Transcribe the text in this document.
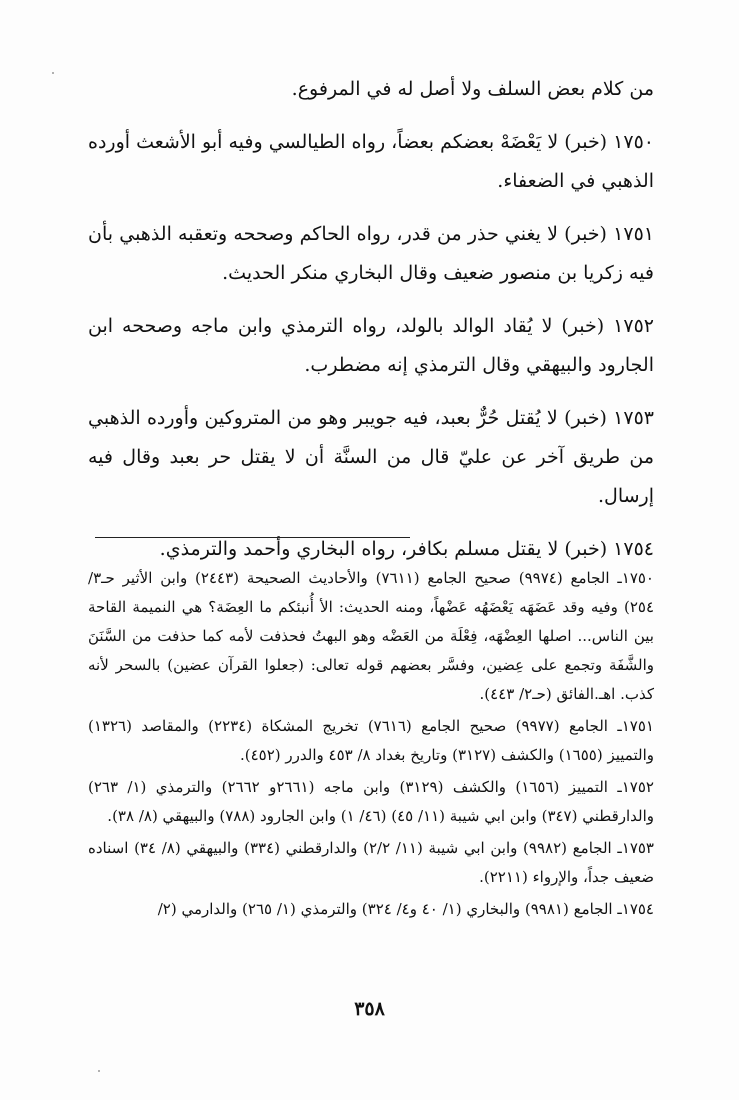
من كلام بعض السلف ولا أصل له في المرفوع.

١٧٥٠ (خبر) لا يَعْضَهْ بعضكم بعضاً، رواه الطيالسي وفيه أبو الأشعث أورده الذهبي في الضعفاء.

١٧٥١ (خبر) لا يغني حذر من قدر، رواه الحاكم وصححه وتعقبه الذهبي بأن فيه زكريا بن منصور ضعيف وقال البخاري منكر الحديث.

١٧٥٢ (خبر) لا يُقاد الوالد بالولد، رواه الترمذي وابن ماجه وصححه ابن الجارود والبيهقي وقال الترمذي إنه مضطرب.

١٧٥٣ (خبر) لا يُقتل حُرٌّ بعبد، فيه جويبر وهو من المتروكين وأورده الذهبي من طريق آخر عن عليّ قال من السنَّة أن لا يقتل حر بعبد وقال فيه إرسال.

١٧٥٤ (خبر) لا يقتل مسلم بكافر، رواه البخاري وأحمد والترمذي.

١٧٥٠ـ الجامع (٩٩٧٤) صحيح الجامع (٧٦١١) والأحاديث الصحيحة (٢٤٤٣) وابن الأثير حـ٣/ ٢٥٤) وفيه وقد عَضَهَه يَعْضَهُه عَضْهاً، ومنه الحديث: الأ أُنبئكم ما العِضَة؟ هي النميمة القاحة بين الناس... اصلها العِضْهَه، فِعْلَة من العَضْه وهو البهتُ فحذفت لأمه كما حذفت من السَّنَنَ والشَّفَة وتجمع على عِضين، وفسَّر بعضهم قوله تعالى: (جعلوا القرآن عضين) بالسحر لأنه كذب. اهـ.الفائق (حـ٢/ ٤٤٣).

١٧٥١ـ الجامع (٩٩٧٧) صحيح الجامع (٧٦١٦) تخريج المشكاة (٢٢٣٤) والمقاصد (١٣٢٦) والتمييز (١٦٥٥) والكشف (٣١٢٧) وتاريخ بغداد ٨/ ٤٥٣ والدرر (٤٥٢).

١٧٥٢ـ التمييز (١٦٥٦) والكشف (٣١٢٩) وابن ماجه (٢٦٦١و ٢٦٦٢) والترمذي (١/ ٢٦٣) والدارقطني (٣٤٧) وابن ابي شيبة (١١/ ٤٥) (٤٦/ ١) وابن الجارود (٧٨٨) والبيهقي (٨/ ٣٨).

١٧٥٣ـ الجامع (٩٩٨٢) وابن ابي شيبة (١١/ ٢/٢) والدارقطني (٣٣٤) والبيهقي (٨/ ٣٤) اسناده ضعيف جداً، والإرواء (٢٢١١).

١٧٥٤ـ الجامع (٩٩٨١) والبخاري (١/ ٤٠ و٤/ ٣٢٤) والترمذي (١/ ٢٦٥) والدارمي (٢/

٣٥٨
